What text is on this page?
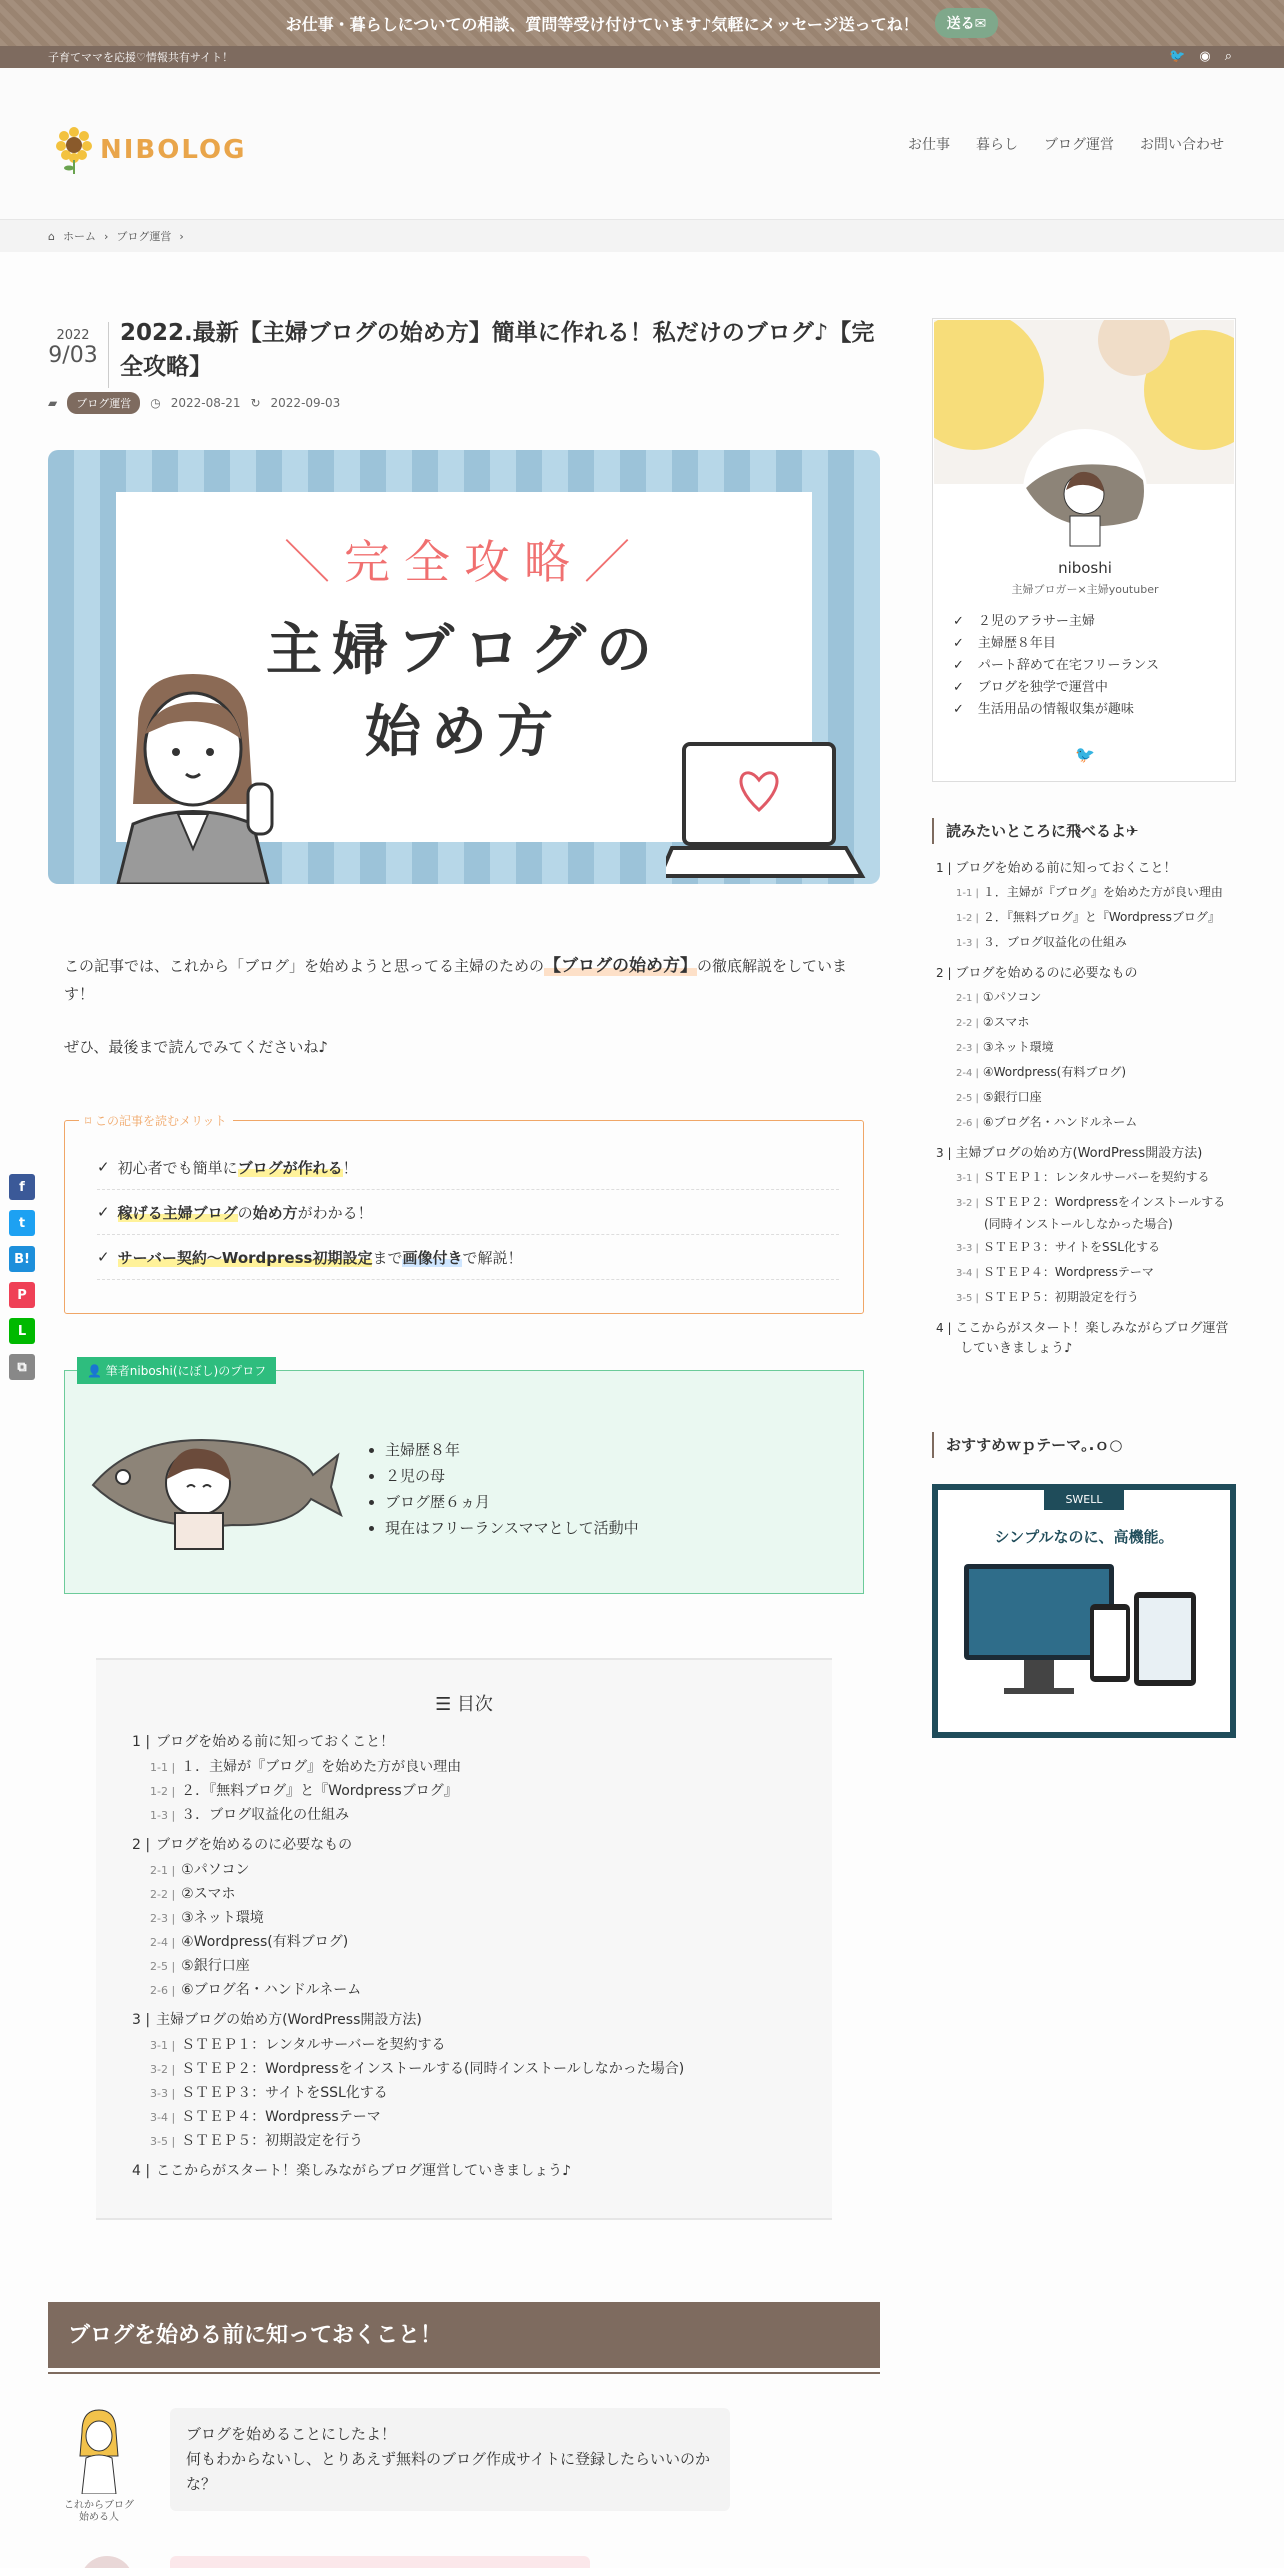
お仕事・暮らしについての相談、質問等受け付けています♪気軽にメッセージ送ってね！	送る✉
子育てママを応援♡情報共有サイト！	🐦 ◉ ⌕
NIBOLOG	お仕事 暮らし ブログ運営 お問い合わせ
⌂ ホーム › ブログ運営 ›
2022
9/03
2022.最新【主婦ブログの始め方】簡単に作れる！私だけのブログ♪【完全攻略】
▰	ブログ運営	◷ 2022-08-21 ↻ 2022-09-03
＼完全攻略／
主婦ブログの
始め方

この記事では、これから「ブログ」を始めようと思ってる主婦のための【ブログの始め方】の徹底解説をしています！

ぜひ、最後まで読んでみてくださいね♪

⌑ この記事を読むメリット
✓ 初心者でも簡単にブログが作れる！
✓ 稼げる主婦ブログの始め方がわかる！
✓ サーバー契約～Wordpress初期設定まで画像付きで解説！
👤 筆者niboshi(にぼし)のプロフ
• 主婦歴８年
• ２児の母
• ブログ歴６ヵ月
• 現在はフリーランスママとして活動中
☰ 目次
1 | ブログを始める前に知っておくこと！
1-1 | １．主婦が『ブログ』を始めた方が良い理由
1-2 | ２．『無料ブログ』と『Wordpressブログ』
1-3 | ３．ブログ収益化の仕組み
2 | ブログを始めるのに必要なもの
2-1 | ①パソコン
2-2 | ②スマホ
2-3 | ③ネット環境
2-4 | ④Wordpress(有料ブログ)
2-5 | ⑤銀行口座
2-6 | ⑥ブログ名・ハンドルネーム
3 | 主婦ブログの始め方(WordPress開設方法)
3-1 | ＳＴＥＰ１：レンタルサーバーを契約する
3-2 | ＳＴＥＰ２：Wordpressをインストールする(同時インストールしなかった場合)
3-3 | ＳＴＥＰ３：サイトをSSL化する
3-4 | ＳＴＥＰ４：Wordpressテーマ
3-5 | ＳＴＥＰ５：初期設定を行う
4 | ここからがスタート！楽しみながらブログ運営していきましょう♪
ブログを始める前に知っておくこと！
これからブログ始める人
ブログを始めることにしたよ！
何もわからないし、とりあえず無料のブログ作成サイトに登録したらいいのかな？
niboshi
主婦ブロガー×主婦youtuber
✓ ２児のアラサー主婦
✓ 主婦歴８年目
✓ パート辞めて在宅フリーランス
✓ ブログを独学で運営中
✓ 生活用品の情報収集が趣味
🐦
読みたいところに飛べるよ✈
1 | ブログを始める前に知っておくこと！
1-1 | １．主婦が『ブログ』を始めた方が良い理由
1-2 | ２．『無料ブログ』と『Wordpressブログ』
1-3 | ３．ブログ収益化の仕組み
2 | ブログを始めるのに必要なもの
2-1 | ①パソコン
2-2 | ②スマホ
2-3 | ③ネット環境
2-4 | ④Wordpress(有料ブログ)
2-5 | ⑤銀行口座
2-6 | ⑥ブログ名・ハンドルネーム
3 | 主婦ブログの始め方(WordPress開設方法)
3-1 | ＳＴＥＰ１：レンタルサーバーを契約する
3-2 | ＳＴＥＰ２：Wordpressをインストールする(同時インストールしなかった場合)
3-3 | ＳＴＥＰ３：サイトをSSL化する
3-4 | ＳＴＥＰ４：Wordpressテーマ
3-5 | ＳＴＥＰ５：初期設定を行う
4 | ここからがスタート！楽しみながらブログ運営していきましょう♪
おすすめｗｐテーマ｡.ｏ○
SWELL
シンプルなのに、高機能。
f
t
B!
P
L
⧉
